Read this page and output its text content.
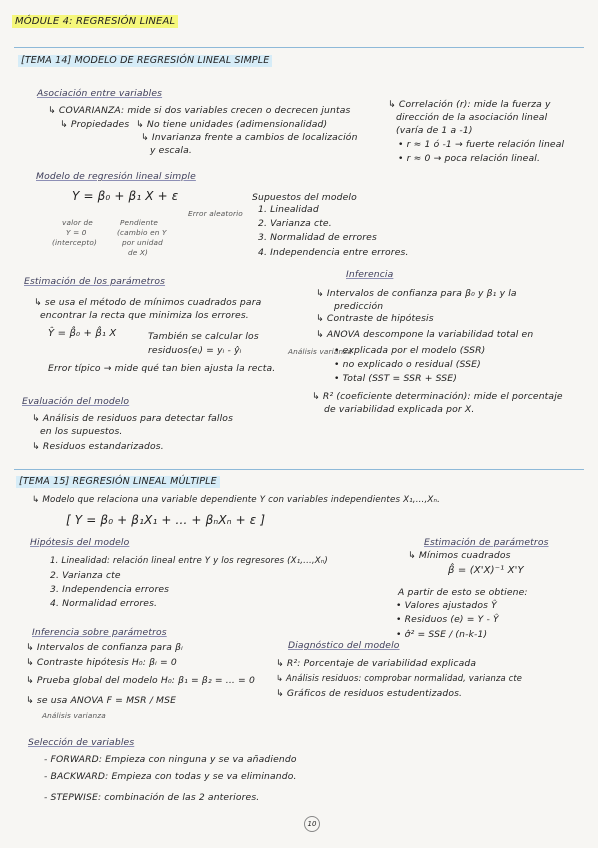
MÓDULE 4: REGRESIÓN LINEAL
[TEMA 14] MODELO DE REGRESIÓN LINEAL SIMPLE
Asociación entre variables
↳ COVARIANZA: mide si dos variables crecen o decrecen juntas
↳ Propiedades ↳ No tiene unidades (adimensionalidad)
↳ Invarianza frente a cambios de localización
y escala.
↳ Correlación (r): mide la fuerza y
dirección de la asociación lineal
(varía de 1 a -1)
• r ≈ 1 ó -1 → fuerte relación lineal
• r ≈ 0 → poca relación lineal.
Modelo de regresión lineal simple
Y = β₀ + β₁ X + ε
Error aleatorio
valor de
Y = 0
(intercepto)
Pendiente
(cambio en Y
por unidad
de X)
Supuestos del modelo
1. Linealidad
2. Varianza cte.
3. Normalidad de errores
4. Independencia entre errores.
Estimación de los parámetros
↳ se usa el método de mínimos cuadrados para
encontrar la recta que minimiza los errores.
Ŷ = β̂₀ + β̂₁ X	También se calcular los
residuos(eᵢ) = yᵢ - ŷᵢ
Error típico → mide qué tan bien ajusta la recta.
Inferencia
↳ Intervalos de confianza para β₀ y β₁ y la
predicción
↳ Contraste de hipótesis
↳ ANOVA descompone la variabilidad total en
Análisis varianza
• explicada por el modelo (SSR)
• no explicado o residual (SSE)
• Total (SST = SSR + SSE)
↳ R² (coeficiente determinación): mide el porcentaje
de variabilidad explicada por X.
Evaluación del modelo
↳ Análisis de residuos para detectar fallos
en los supuestos.
↳ Residuos estandarizados.
[TEMA 15] REGRESIÓN LINEAL MÚLTIPLE
↳ Modelo que relaciona una variable dependiente Y con variables independientes X₁,...,Xₙ.
[ Y = β₀ + β₁X₁ + ... + βₙXₙ + ε ]
Hipótesis del modelo
1. Linealidad: relación lineal entre Y y los regresores (X₁,...,Xₙ)
2. Varianza cte
3. Independencia errores
4. Normalidad errores.
Estimación de parámetros
↳ Mínimos cuadrados
β̂ = (X'X)⁻¹ X'Y
A partir de esto se obtiene:
• Valores ajustados Ŷ
• Residuos (e) = Y - Ŷ
• σ̂² = SSE / (n-k-1)
Inferencia sobre parámetros
↳ Intervalos de confianza para βᵢ
↳ Contraste hipótesis H₀: βᵢ = 0
↳ Prueba global del modelo H₀: β₁ = β₂ = ... = 0
↳ se usa ANOVA F = MSR / MSE
Análisis varianza
Diagnóstico del modelo
↳ R²: Porcentaje de variabilidad explicada
↳ Análisis residuos: comprobar normalidad, varianza cte
↳ Gráficos de residuos estudentizados.
Selección de variables
- FORWARD: Empieza con ninguna y se va añadiendo
- BACKWARD: Empieza con todas y se va eliminando.
- STEPWISE: combinación de las 2 anteriores.
10
